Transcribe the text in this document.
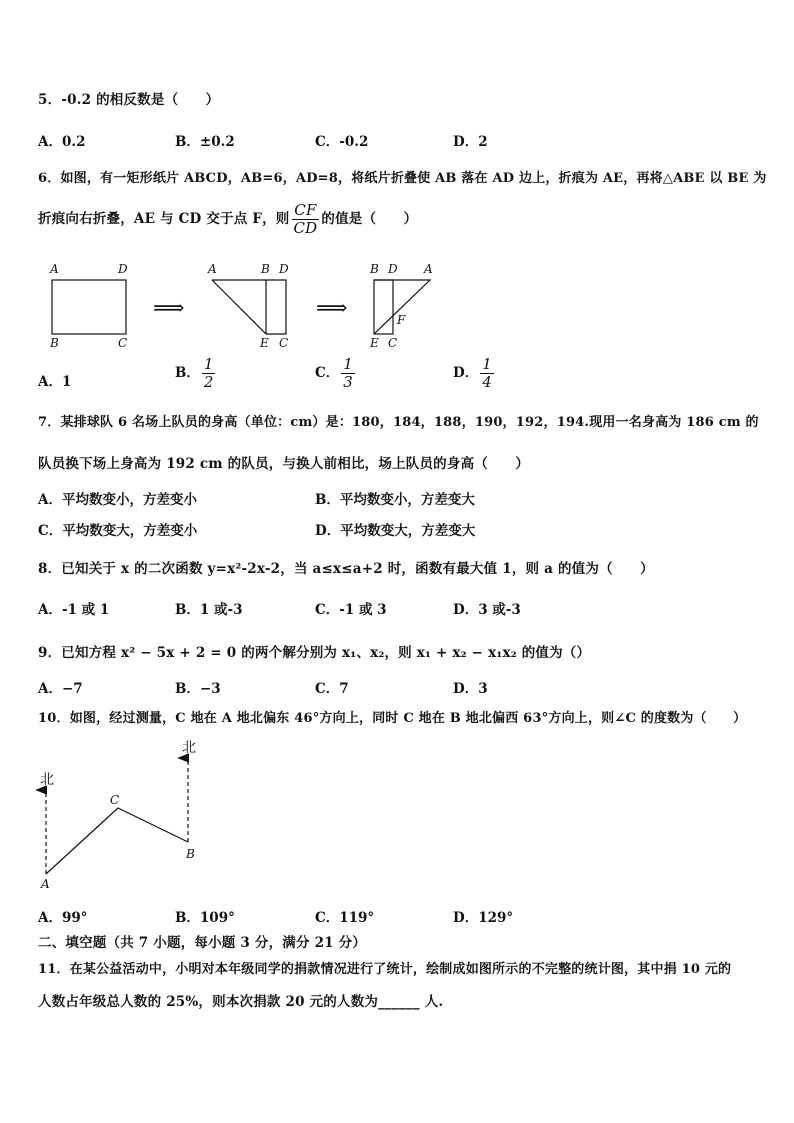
5．-0.2 的相反数是（　　）
A．0.2	B．±0.2	C．-0.2	D．2
6．如图，有一矩形纸片 ABCD，AB=6，AD=8，将纸片折叠使 AB 落在 AD 边上，折痕为 AE，再将△ABE 以 BE 为
折痕向右折叠，AE 与 CD 交于点 F，则 $\frac{CF}{CD}$ 的值是（　　）
A	D
B	C
⟹
A	B D
E C
⟹
B D A
F
E C
A．1
B． $\frac{1}{2}$	C． $\frac{1}{3}$	D． $\frac{1}{4}$
7．某排球队 6 名场上队员的身高（单位：cm）是：180，184，188，190，192，194.现用一名身高为 186 cm 的
队员换下场上身高为 192 cm 的队员，与换人前相比，场上队员的身高（　　）
A．平均数变小，方差变小	B．平均数变小，方差变大
C．平均数变大，方差变小	D．平均数变大，方差变大
8．已知关于 x 的二次函数 y=x²-2x-2，当 a≤x≤a+2 时，函数有最大值 1，则 a 的值为（　　）
A．-1 或 1	B．1 或-3	C．-1 或 3	D．3 或-3
9．已知方程 x² − 5x + 2 = 0 的两个解分别为 x₁、x₂，则 x₁ + x₂ − x₁x₂ 的值为（）
A．−7	B．−3	C．7	D．3
10．如图，经过测量，C 地在 A 地北偏东 46°方向上，同时 C 地在 B 地北偏西 63°方向上，则∠C 的度数为（　　）
北
北
A
B
C
A．99°	B．109°	C．119°	D．129°
二、填空题（共 7 小题，每小题 3 分，满分 21 分）
11．在某公益活动中，小明对本年级同学的捐款情况进行了统计，绘制成如图所示的不完整的统计图，其中捐 10 元的
人数占年级总人数的 25%，则本次捐款 20 元的人数为______ 人.
